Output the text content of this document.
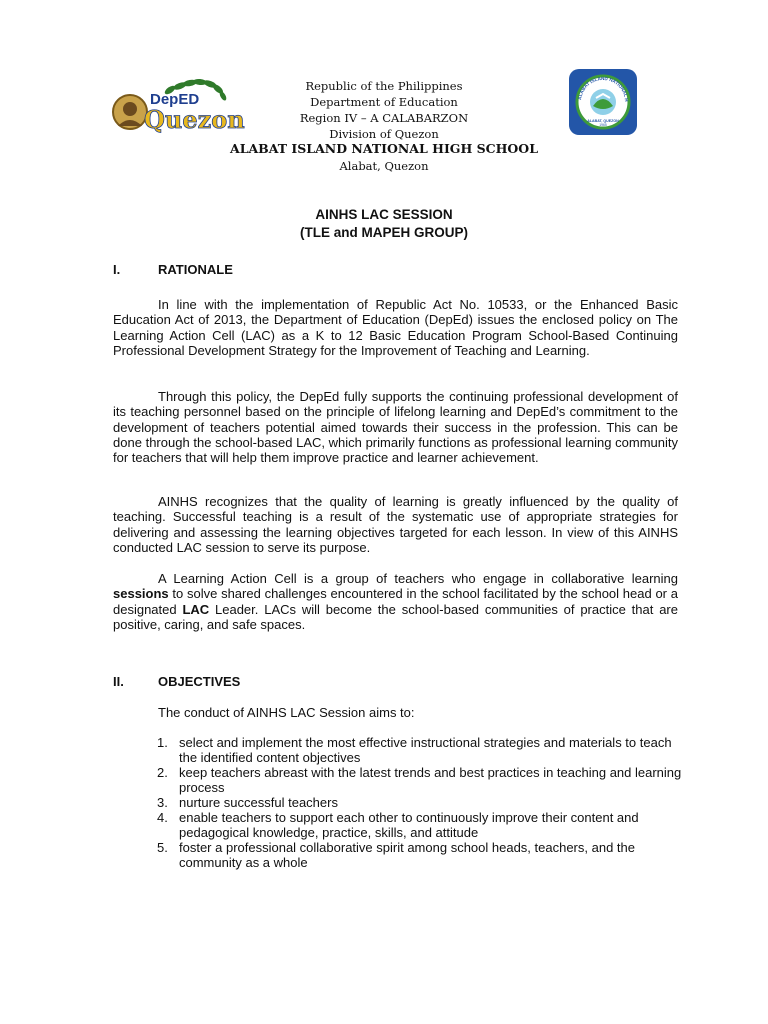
DepED
Quezon
ALABAT ISLAND NATIONAL H
ALABAT, QUEZON
1965
Republic of the Philippines
Department of Education
Region IV – A CALABARZON
Division of Quezon
ALABAT ISLAND NATIONAL HIGH SCHOOL
Alabat, Quezon
AINHS LAC SESSION
(TLE and MAPEH GROUP)
I.	RATIONALE
In line with the implementation of Republic Act No. 10533, or the Enhanced Basic Education Act of 2013, the Department of Education (DepEd) issues the enclosed policy on The Learning Action Cell (LAC) as a K to 12 Basic Education Program School-Based Continuing Professional Development Strategy for the Improvement of Teaching and Learning.
Through this policy, the DepEd fully supports the continuing professional development of its teaching personnel based on the principle of lifelong learning and DepEd’s commitment to the development of teachers potential aimed towards their success in the profession. This can be done through the school-based LAC, which primarily functions as professional learning community for teachers that will help them improve practice and learner achievement.
AINHS recognizes that the quality of learning is greatly influenced by the quality of teaching. Successful teaching is a result of the systematic use of appropriate strategies for delivering and assessing the learning objectives targeted for each lesson. In view of this AINHS conducted LAC session to serve its purpose.
A Learning Action Cell is a group of teachers who engage in collaborative learning sessions to solve shared challenges encountered in the school facilitated by the school head or a designated LAC Leader. LACs will become the school-based communities of practice that are positive, caring, and safe spaces.
II.	OBJECTIVES
The conduct of AINHS LAC Session aims to:
1. select and implement the most effective instructional strategies and materials to teach the identified content objectives
2. keep teachers abreast with the latest trends and best practices in teaching and learning process
3. nurture successful teachers
4. enable teachers to support each other to continuously improve their content and pedagogical knowledge, practice, skills, and attitude
5. foster a professional collaborative spirit among school heads, teachers, and the community as a whole
